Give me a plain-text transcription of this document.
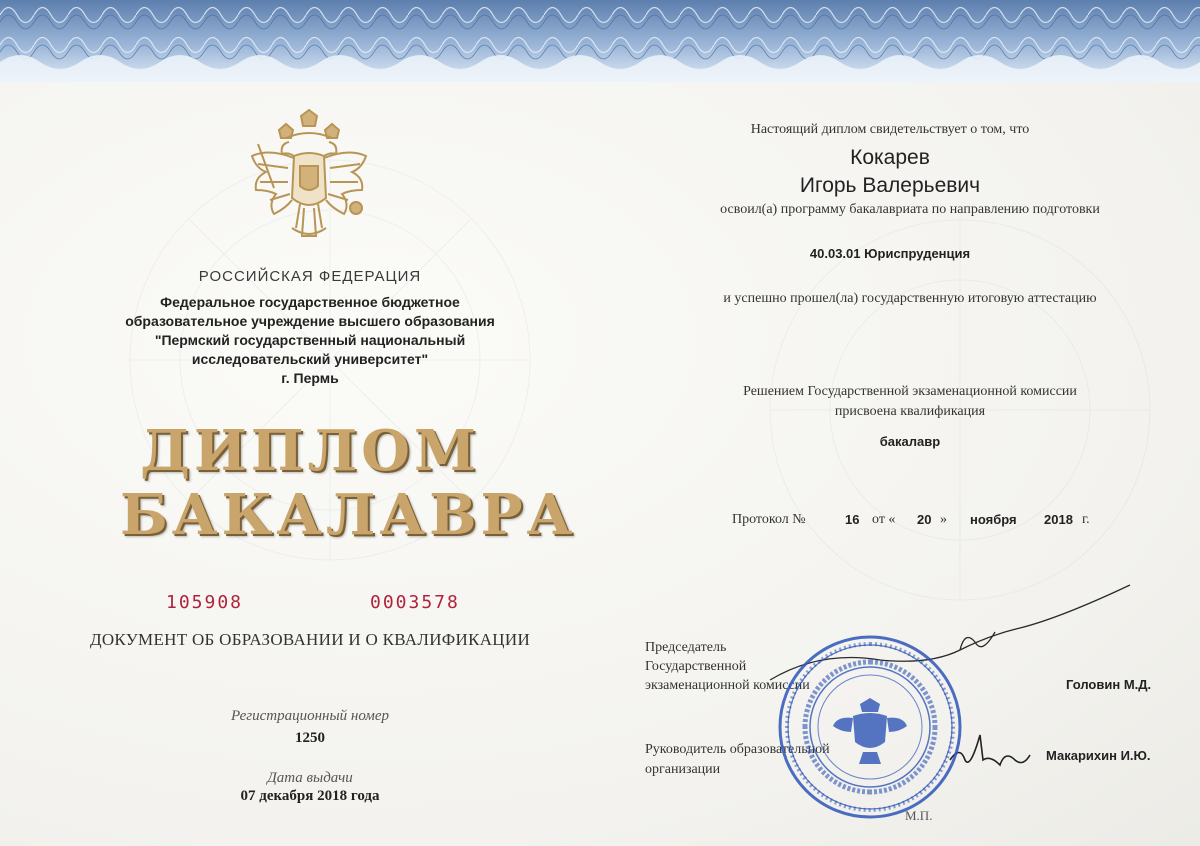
РОССИЙСКАЯ ФЕДЕРАЦИЯ
Федеральное государственное бюджетное
образовательное учреждение высшего образования
"Пермский государственный национальный
исследовательский университет"
г. Пермь
ДИПЛОМ
БАКАЛАВРА
105908	0003578
ДОКУМЕНТ ОБ ОБРАЗОВАНИИ И О КВАЛИФИКАЦИИ
Регистрационный номер
1250
Дата выдачи
07 декабря 2018 года
Настоящий диплом свидетельствует о том, что
Кокарев
Игорь Валерьевич
освоил(а) программу бакалавриата по направлению подготовки
40.03.01 Юриспруденция
и успешно прошел(ла) государственную итоговую аттестацию
Решением Государственной экзаменационной комиссии
присвоена квалификация
бакалавр
Протокол №	16 от « 20 » ноября 2018 г.
Председатель
Государственной
экзаменационной комиссии	Головин М.Д.
Руководитель образовательной
организации
Макарихин И.Ю.
М.П.
